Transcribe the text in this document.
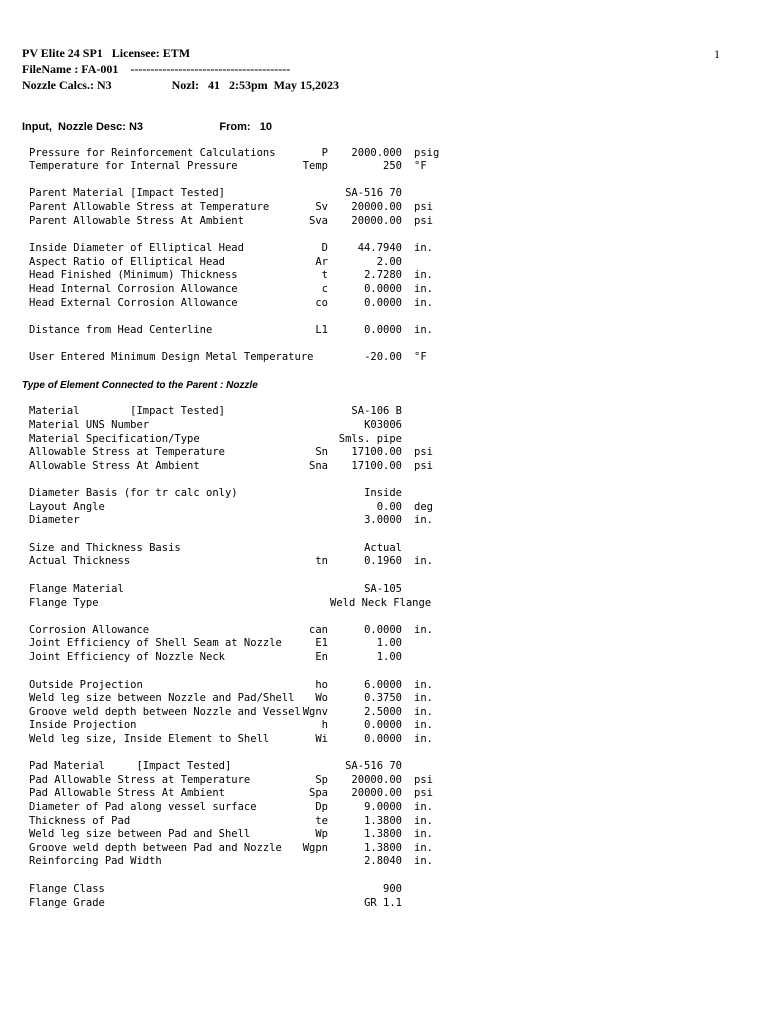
PV Elite 24 SP1   Licensee: ETM
FileName : FA-001    ----------------------------------------
Nozzle Calcs.: N3                    Nozl:   41   2:53pm  May 15,2023
1
Input,  Nozzle Desc: N3                         From:   10
Type of Element Connected to the Parent : Nozzle
Pressure for Reinforcement Calculations	P	2000.000 psig
Temperature for Internal Pressure	Temp	250 °F
Parent Material [Impact Tested]	SA-516 70
Parent Allowable Stress at Temperature	Sv	20000.00 psi
Parent Allowable Stress At Ambient	Sva	20000.00 psi
Inside Diameter of Elliptical Head	D	44.7940 in.
Aspect Ratio of Elliptical Head	Ar	2.00
Head Finished (Minimum) Thickness	t	2.7280 in.
Head Internal Corrosion Allowance	c	0.0000 in.
Head External Corrosion Allowance	co	0.0000 in.
Distance from Head Centerline	L1	0.0000 in.
User Entered Minimum Design Metal Temperature	-20.00 °F
Material        [Impact Tested]	SA-106 B
Material UNS Number	K03006
Material Specification/Type	Smls. pipe
Allowable Stress at Temperature	Sn	17100.00 psi
Allowable Stress At Ambient	Sna	17100.00 psi
Diameter Basis (for tr calc only)	Inside
Layout Angle	0.00 deg
Diameter	3.0000 in.
Size and Thickness Basis	Actual
Actual Thickness	tn	0.1960 in.
Flange Material	SA-105
Flange Type	Weld Neck Flange
Corrosion Allowance	can	0.0000 in.
Joint Efficiency of Shell Seam at Nozzle	E1	1.00
Joint Efficiency of Nozzle Neck	En	1.00
Outside Projection	ho	6.0000 in.
Weld leg size between Nozzle and Pad/Shell	Wo	0.3750 in.
Groove weld depth between Nozzle and Vessel Wgnv	2.5000 in.
Inside Projection	h	0.0000 in.
Weld leg size, Inside Element to Shell	Wi	0.0000 in.
Pad Material     [Impact Tested]	SA-516 70
Pad Allowable Stress at Temperature	Sp	20000.00 psi
Pad Allowable Stress At Ambient	Spa	20000.00 psi
Diameter of Pad along vessel surface	Dp	9.0000 in.
Thickness of Pad	te	1.3800 in.
Weld leg size between Pad and Shell	Wp	1.3800 in.
Groove weld depth between Pad and Nozzle	Wgpn	1.3800 in.
Reinforcing Pad Width	2.8040 in.
Flange Class	900
Flange Grade	GR 1.1
